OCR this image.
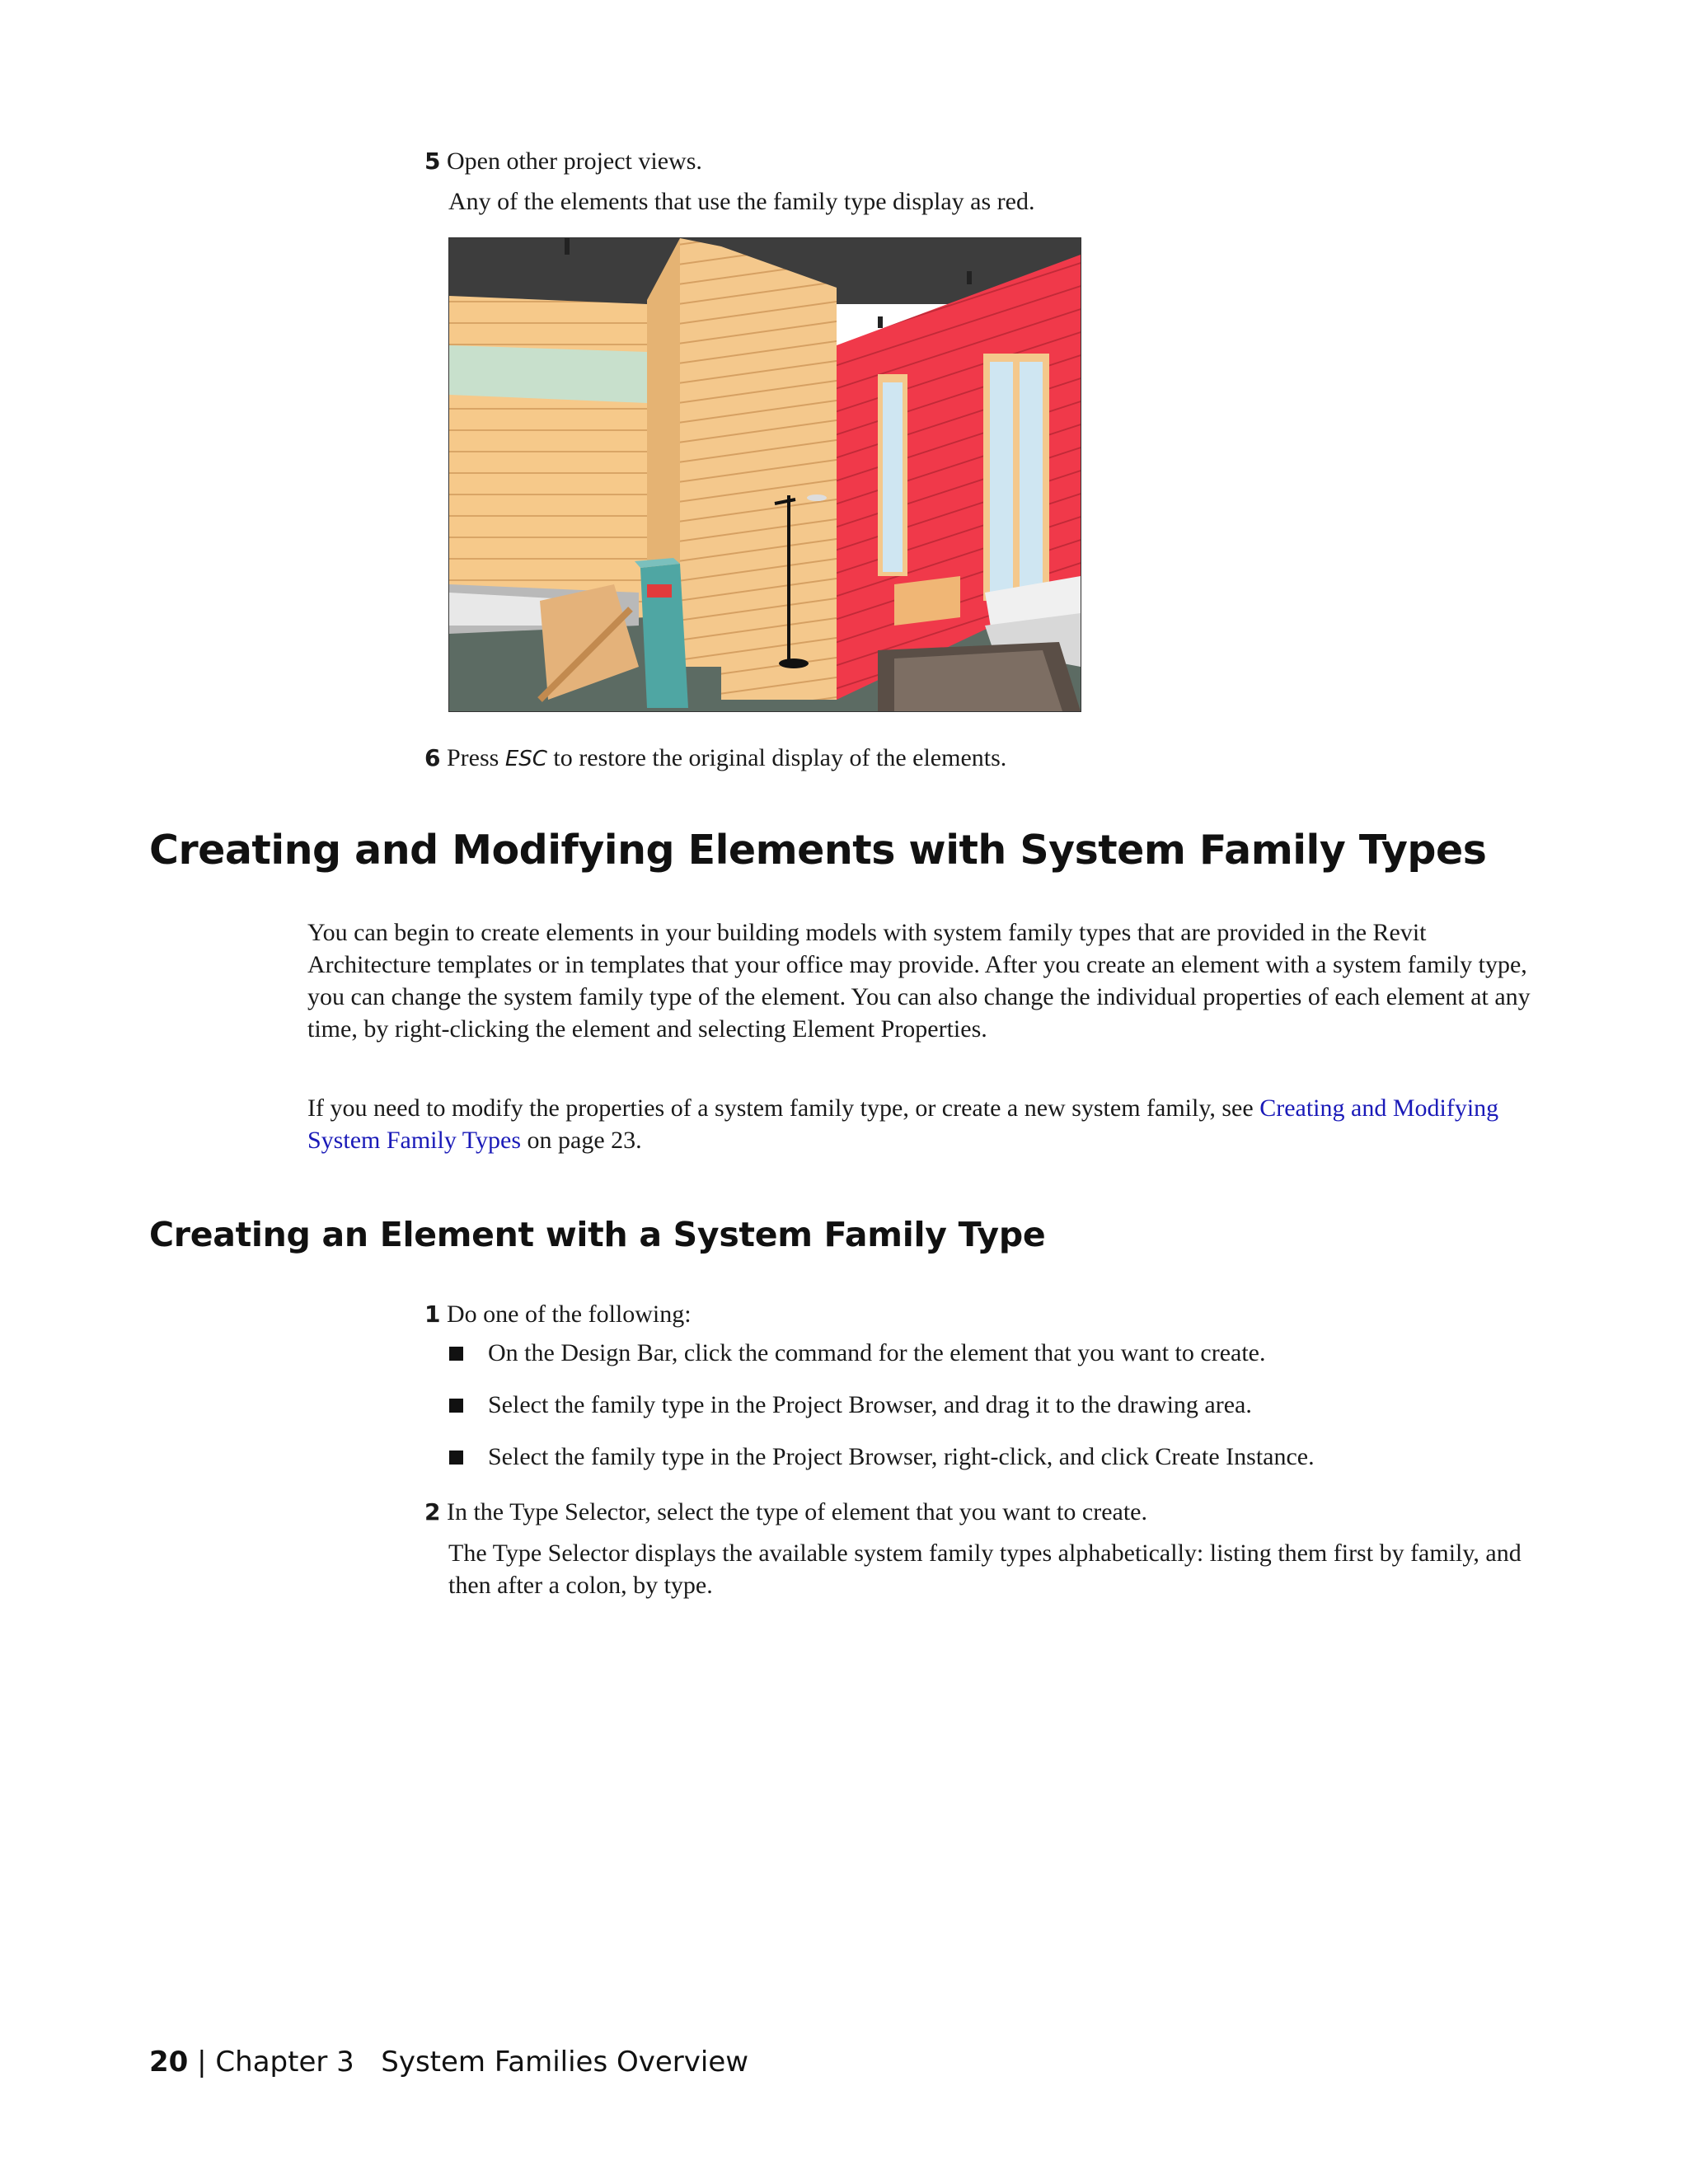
5 Open other project views.
Any of the elements that use the family type display as red.
6 Press ESC to restore the original display of the elements.
Creating and Modifying Elements with System Family Types
You can begin to create elements in your building models with system family types that are provided in the Revit Architecture templates or in templates that your office may provide. After you create an element with a system family type, you can change the system family type of the element. You can also change the individual properties of each element at any time, by right-clicking the element and selecting Element Properties.
If you need to modify the properties of a system family type, or create a new system family, see Creating and Modifying System Family Types on page 23.
Creating an Element with a System Family Type
1 Do one of the following:
On the Design Bar, click the command for the element that you want to create.
Select the family type in the Project Browser, and drag it to the drawing area.
Select the family type in the Project Browser, right-click, and click Create Instance.
2 In the Type Selector, select the type of element that you want to create.
The Type Selector displays the available system family types alphabetically: listing them first by family, and then after a colon, by type.
20 | Chapter 3 System Families Overview
